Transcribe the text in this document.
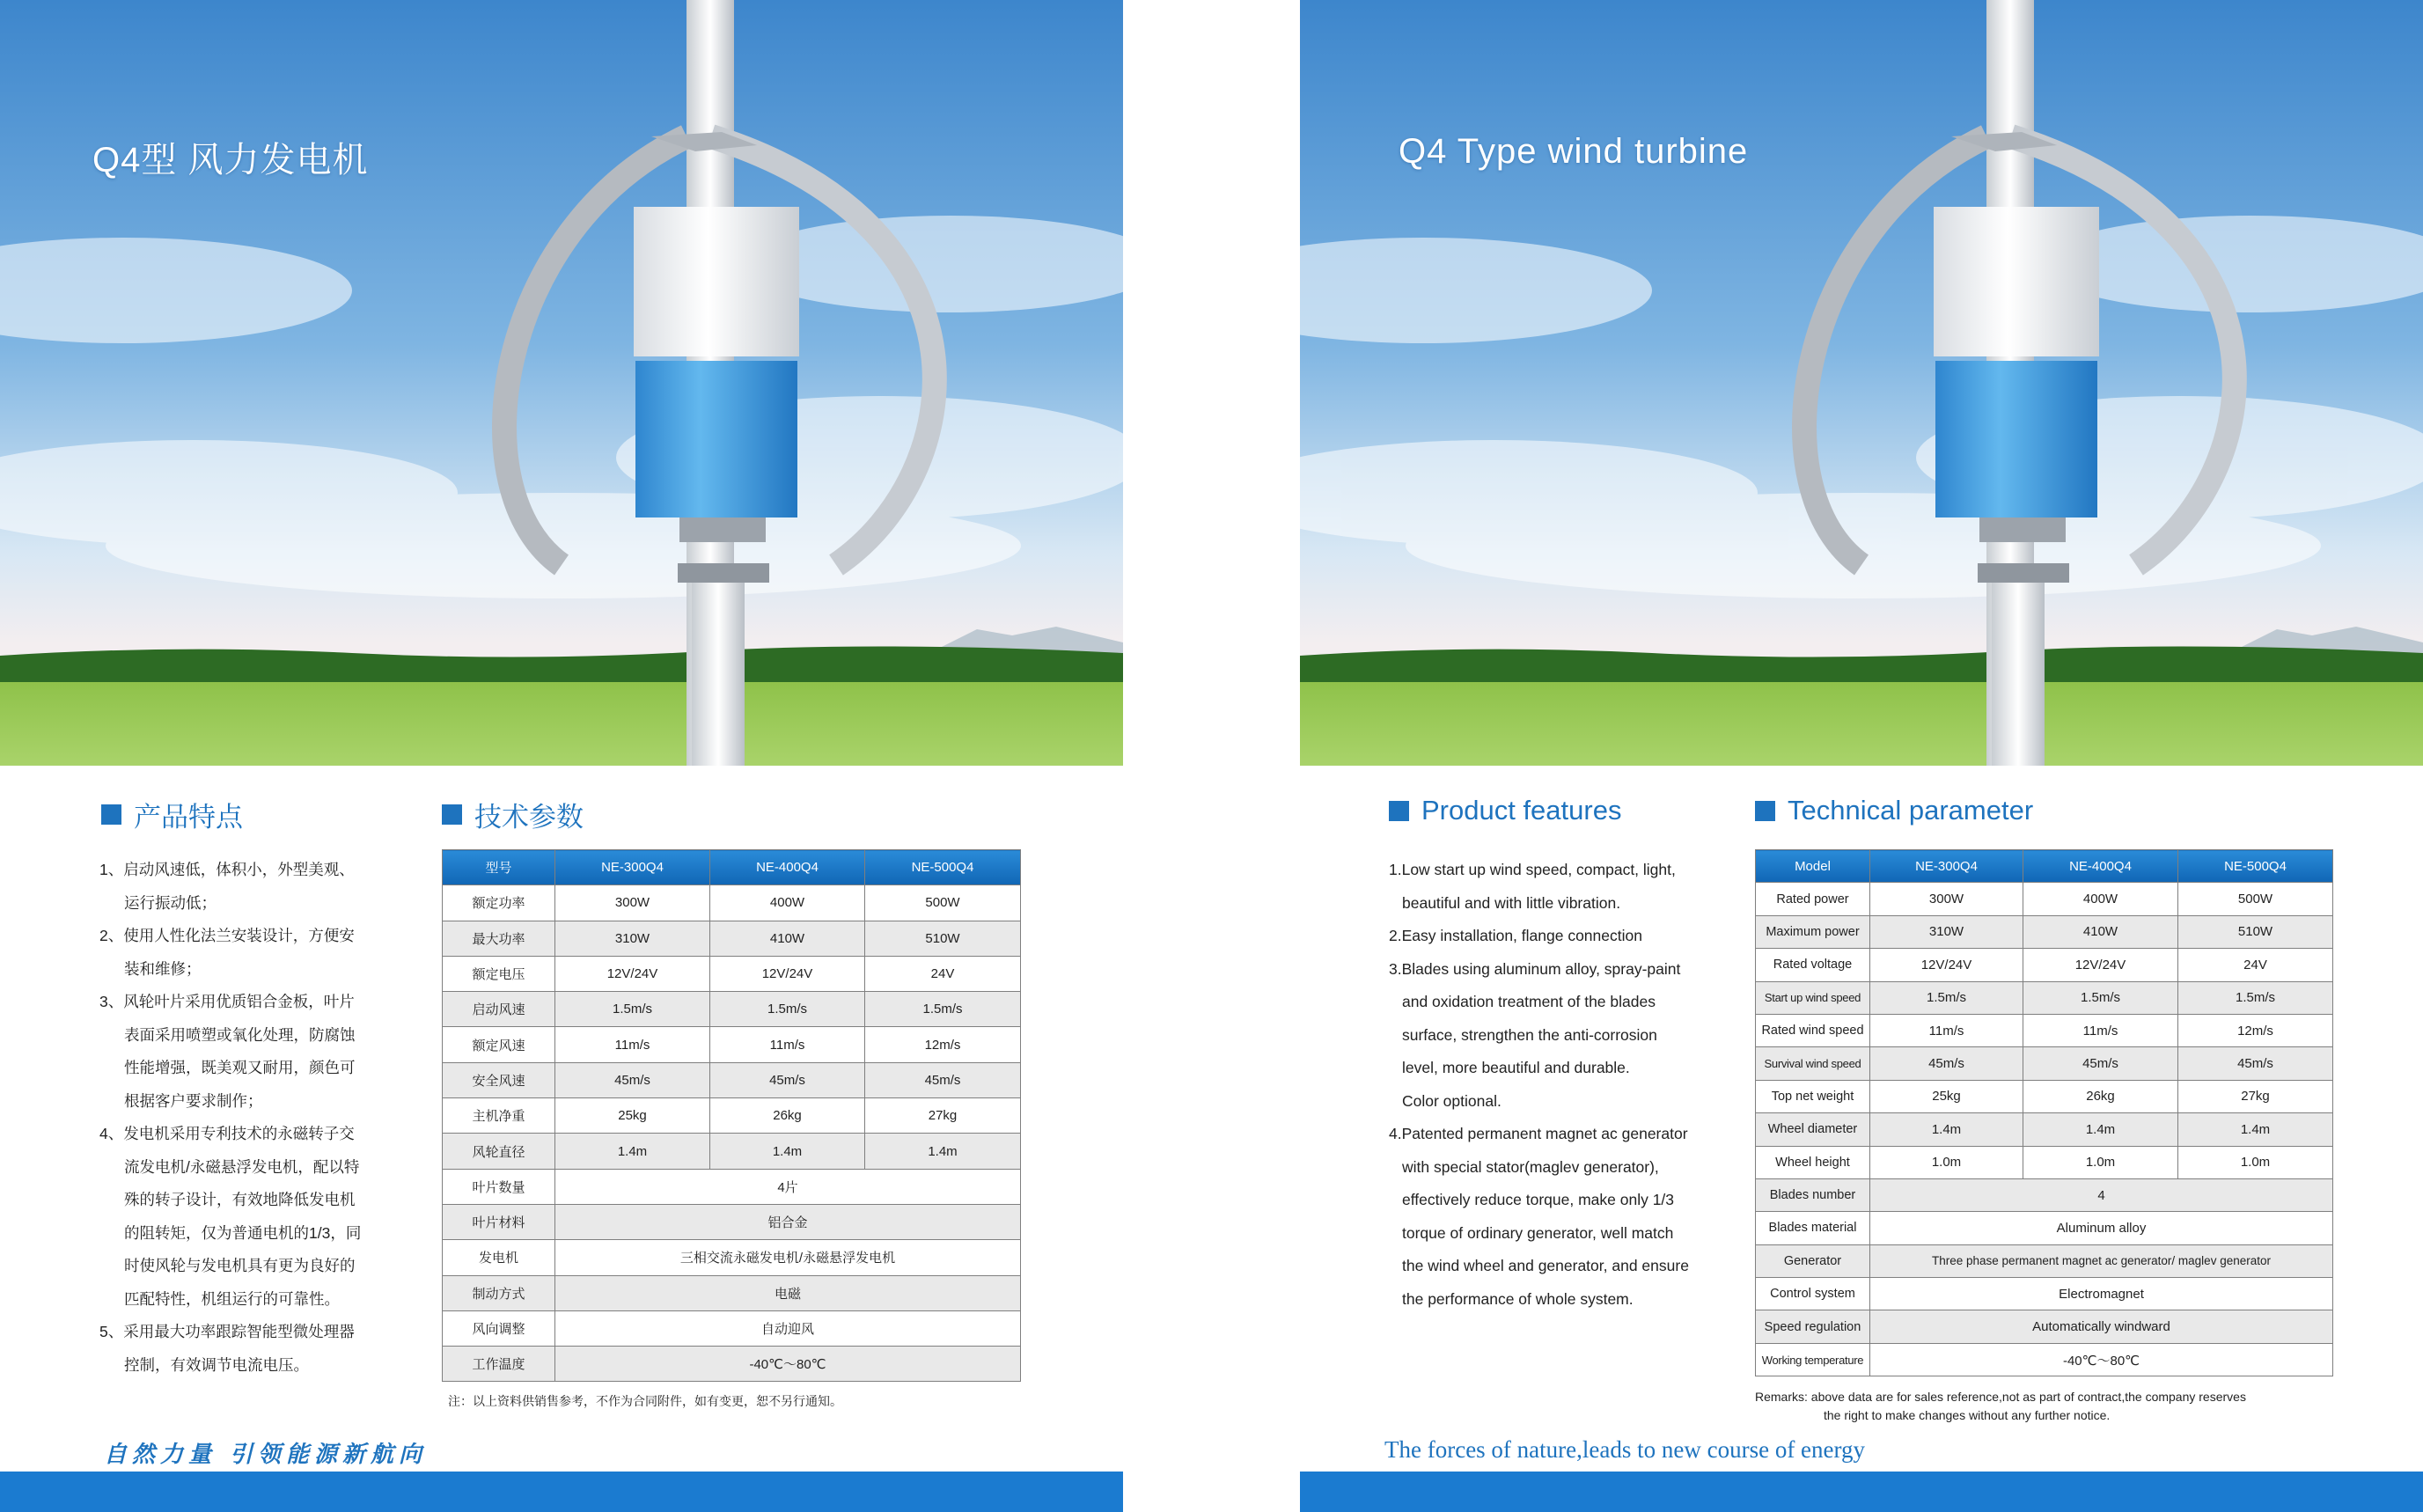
Q4型 风力发电机
产品特点	技术参数
1、启动风速低，体积小，外型美观、
运行振动低；
2、使用人性化法兰安装设计，方便安
装和维修；
3、风轮叶片采用优质铝合金板，叶片
表面采用喷塑或氧化处理，防腐蚀
性能增强，既美观又耐用，颜色可
根据客户要求制作；
4、发电机采用专利技术的永磁转子交
流发电机/永磁悬浮发电机，配以特
殊的转子设计，有效地降低发电机
的阻转矩，仅为普通电机的1/3，同
时使风轮与发电机具有更为良好的
匹配特性，机组运行的可靠性。
5、采用最大功率跟踪智能型微处理器
控制，有效调节电流电压。
型号	NE-300Q4	NE-400Q4	NE-500Q4
额定功率	300W	400W	500W
最大功率	310W	410W	510W
额定电压	12V/24V	12V/24V	24V
启动风速	1.5m/s	1.5m/s	1.5m/s
额定风速	11m/s	11m/s	12m/s
安全风速	45m/s	45m/s	45m/s
主机净重	25kg	26kg	27kg
风轮直径	1.4m	1.4m	1.4m
叶片数量	4片		
叶片材料	铝合金		
发电机	三相交流永磁发电机/永磁悬浮发电机		
制动方式	电磁		
风向调整	自动迎风		
工作温度	-40℃～80℃		
注：以上资料供销售参考，不作为合同附件，如有变更，恕不另行通知。
自然力量 引领能源新航向
Q4 Type wind turbine
Product features	Technical parameter
1.Low start up wind speed, compact, light,
beautiful and with little vibration.
2.Easy installation, flange connection
3.Blades using aluminum alloy, spray-paint
and oxidation treatment of the blades
surface, strengthen the anti-corrosion
level, more beautiful and durable.
Color optional.
4.Patented permanent magnet ac generator
with special stator(maglev generator),
effectively reduce torque, make only 1/3
torque of ordinary generator, well match
the wind wheel and generator, and ensure
the performance of whole system.
Model	NE-300Q4	NE-400Q4	NE-500Q4
Rated power	300W	400W	500W
Maximum power	310W	410W	510W
Rated voltage	12V/24V	12V/24V	24V
Start up wind speed	1.5m/s	1.5m/s	1.5m/s
Rated wind speed	11m/s	11m/s	12m/s
Survival wind speed	45m/s	45m/s	45m/s
Top net weight	25kg	26kg	27kg
Wheel diameter	1.4m	1.4m	1.4m
Wheel height	1.0m	1.0m	1.0m
Blades number	4		
Blades material	Aluminum alloy		
Generator	Three phase permanent magnet ac generator/ maglev generator		
Control system	Electromagnet		
Speed regulation	Automatically windward		
Working temperature	-40℃～80℃		
Remarks: above data are for sales reference,not as part of contract,the company reserves
the right to make changes without any further notice.
The forces of nature,leads to new course of energy
